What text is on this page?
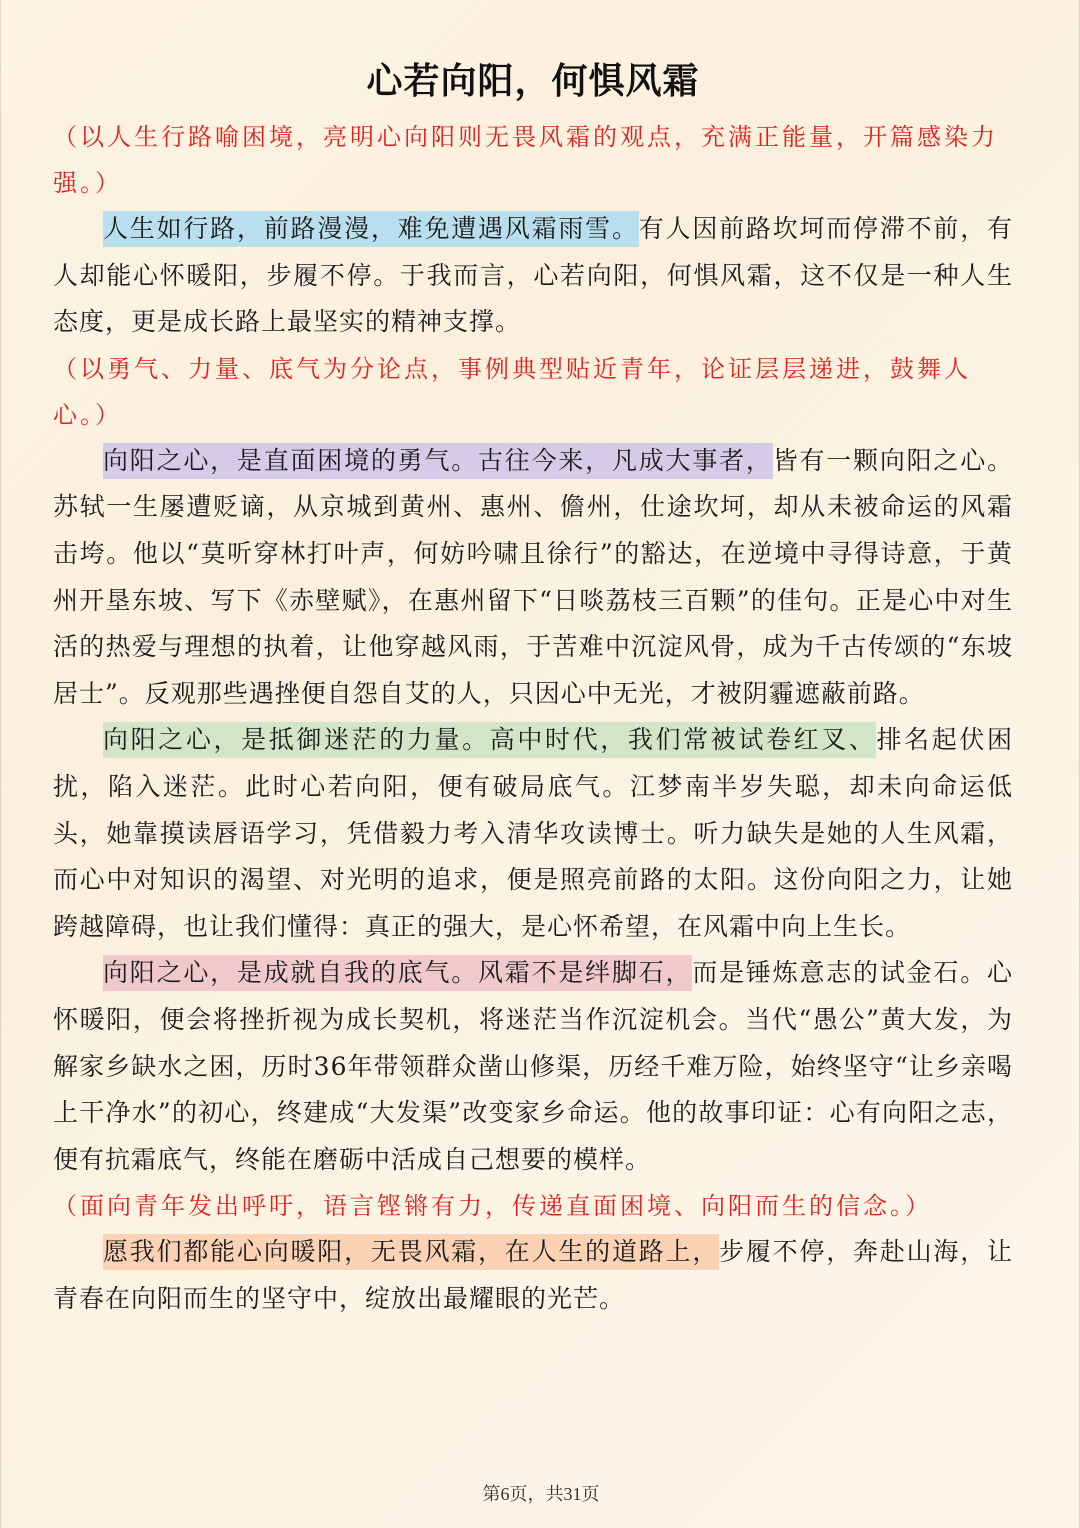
心若向阳，何惧风霜

（以人生行路喻困境，亮明心向阳则无畏风霜的观点，充满正能量，开篇感染力强。）

人生如行路，前路漫漫，难免遭遇风霜雨雪。有人因前路坎坷而停滞不前，有人却能心怀暖阳，步履不停。于我而言，心若向阳，何惧风霜，这不仅是一种人生态度，更是成长路上最坚实的精神支撑。

（以勇气、力量、底气为分论点，事例典型贴近青年，论证层层递进，鼓舞人心。）

向阳之心，是直面困境的勇气。古往今来，凡成大事者，皆有一颗向阳之心。苏轼一生屡遭贬谪，从京城到黄州、惠州、儋州，仕途坎坷，却从未被命运的风霜击垮。他以“莫听穿林打叶声，何妨吟啸且徐行”的豁达，在逆境中寻得诗意，于黄州开垦东坡、写下《赤壁赋》，在惠州留下“日啖荔枝三百颗”的佳句。正是心中对生活的热爱与理想的执着，让他穿越风雨，于苦难中沉淀风骨，成为千古传颂的“东坡居士”。反观那些遇挫便自怨自艾的人，只因心中无光，才被阴霾遮蔽前路。

向阳之心，是抵御迷茫的力量。高中时代，我们常被试卷红叉、排名起伏困扰，陷入迷茫。此时心若向阳，便有破局底气。江梦南半岁失聪，却未向命运低头，她靠摸读唇语学习，凭借毅力考入清华攻读博士。听力缺失是她的人生风霜，而心中对知识的渴望、对光明的追求，便是照亮前路的太阳。这份向阳之力，让她跨越障碍，也让我们懂得：真正的强大，是心怀希望，在风霜中向上生长。

向阳之心，是成就自我的底气。风霜不是绊脚石，而是锤炼意志的试金石。心怀暖阳，便会将挫折视为成长契机，将迷茫当作沉淀机会。当代“愚公”黄大发，为解家乡缺水之困，历时36年带领群众凿山修渠，历经千难万险，始终坚守“让乡亲喝上干净水”的初心，终建成“大发渠”改变家乡命运。他的故事印证：心有向阳之志，便有抗霜底气，终能在磨砺中活成自己想要的模样。

（面向青年发出呼吁，语言铿锵有力，传递直面困境、向阳而生的信念。）

愿我们都能心向暖阳，无畏风霜，在人生的道路上，步履不停，奔赴山海，让青春在向阳而生的坚守中，绽放出最耀眼的光芒。

第6页，共31页
